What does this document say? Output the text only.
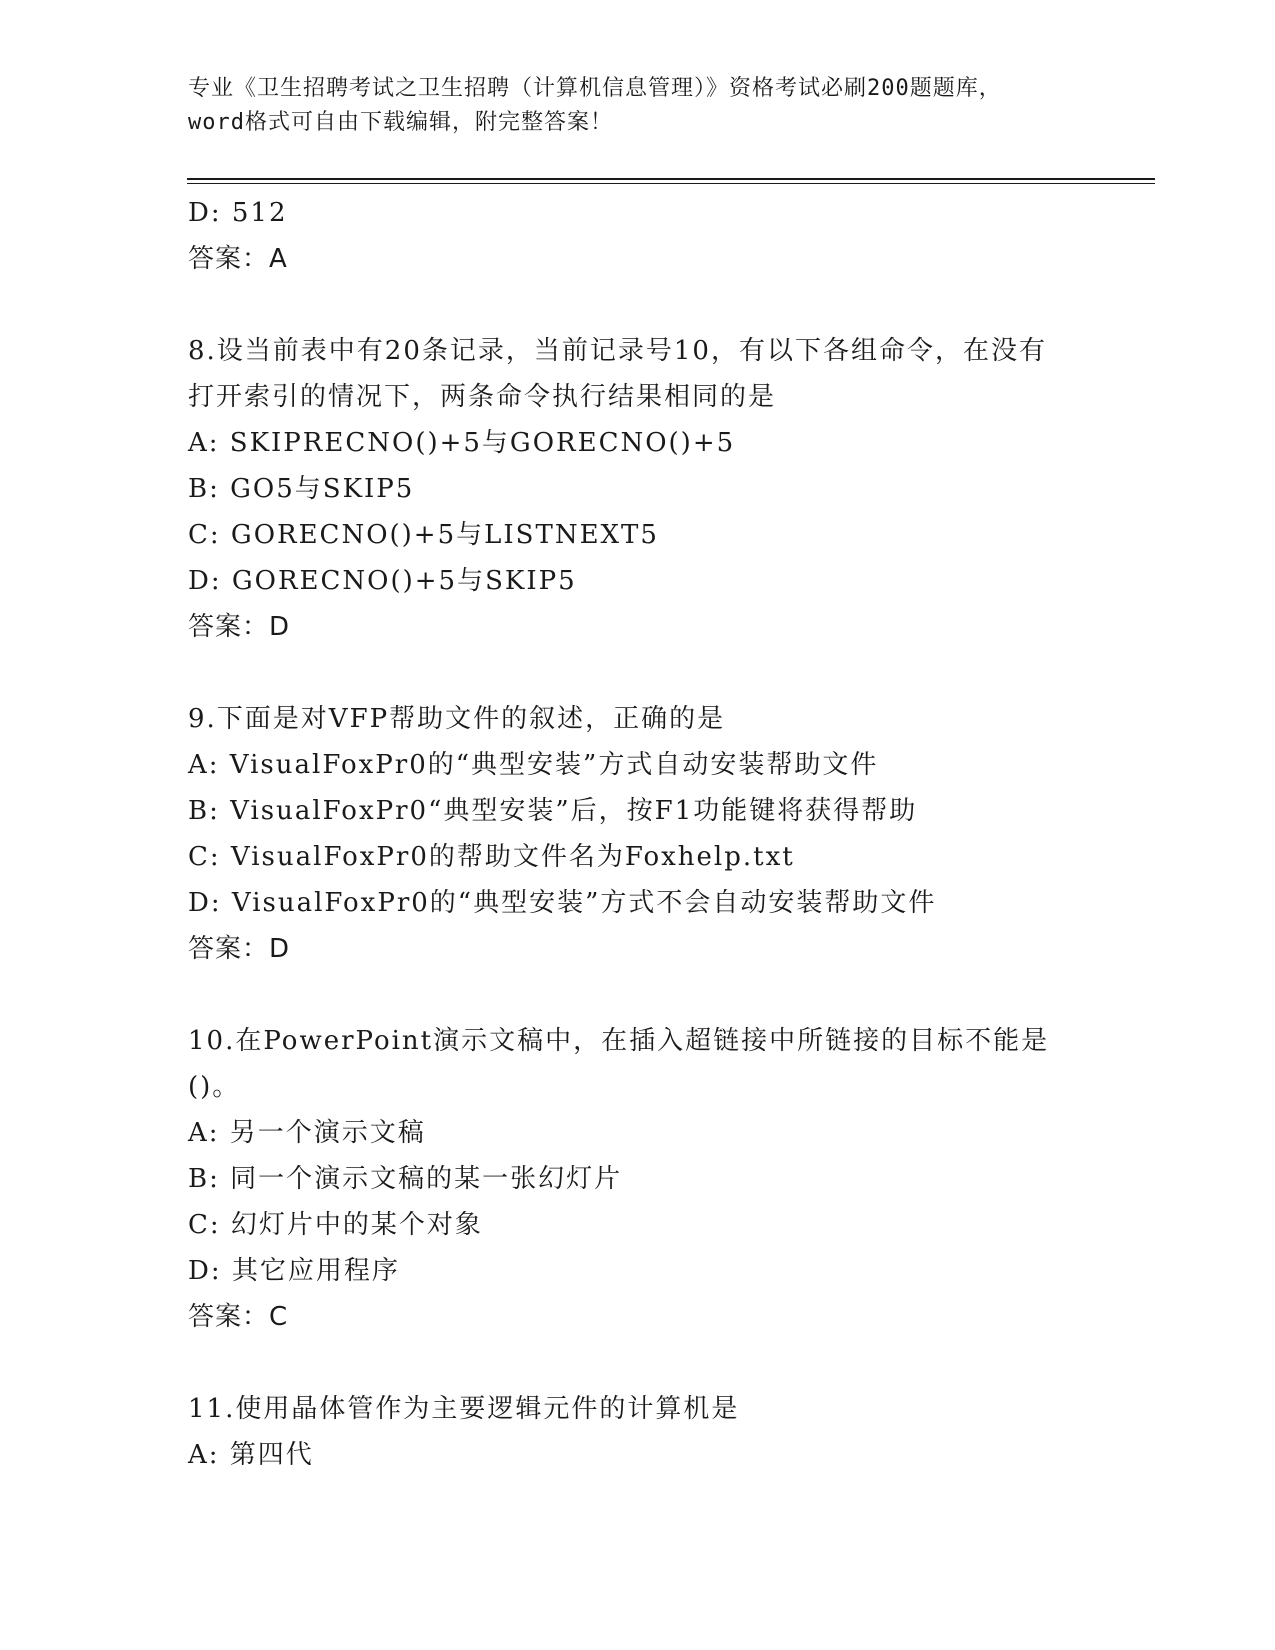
专业《卫生招聘考试之卫生招聘（计算机信息管理）》资格考试必刷200题题库，
word格式可自由下载编辑，附完整答案！
D: 512
答案：A
8.设当前表中有20条记录，当前记录号10，有以下各组命令，在没有
打开索引的情况下，两条命令执行结果相同的是
A: SKIPRECNO()+5与GORECNO()+5
B: GO5与SKIP5
C: GORECNO()+5与LISTNEXT5
D: GORECNO()+5与SKIP5
答案：D
9.下面是对VFP帮助文件的叙述，正确的是
A: VisualFoxPr0的“典型安装”方式自动安装帮助文件
B: VisualFoxPr0“典型安装”后，按F1功能键将获得帮助
C: VisualFoxPr0的帮助文件名为Foxhelp.txt
D: VisualFoxPr0的“典型安装”方式不会自动安装帮助文件
答案：D
10.在PowerPoint演示文稿中，在插入超链接中所链接的目标不能是
()。
A: 另一个演示文稿
B: 同一个演示文稿的某一张幻灯片
C: 幻灯片中的某个对象
D: 其它应用程序
答案：C
11.使用晶体管作为主要逻辑元件的计算机是
A: 第四代
